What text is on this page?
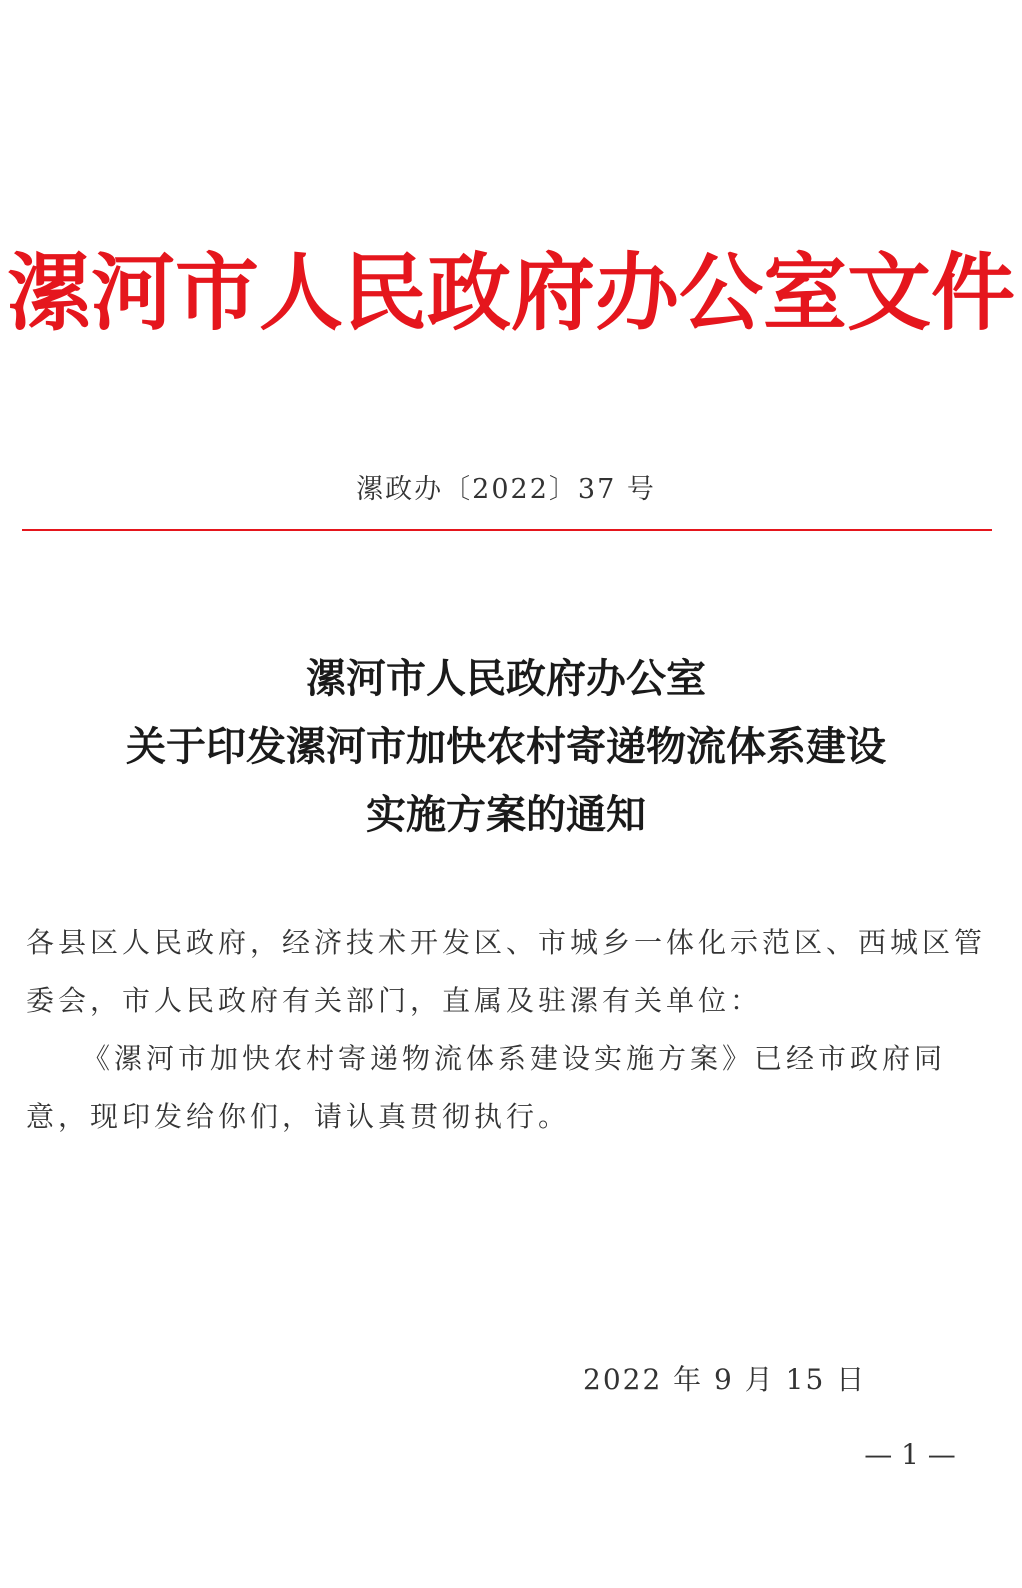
漯河市人民政府办公室文件
漯政办〔2022〕37 号
漯河市人民政府办公室
关于印发漯河市加快农村寄递物流体系建设
实施方案的通知

各县区人民政府，经济技术开发区、市城乡一体化示范区、西城区管委会，市人民政府有关部门，直属及驻漯有关单位：

《漯河市加快农村寄递物流体系建设实施方案》已经市政府同意，现印发给你们，请认真贯彻执行。

2022 年 9 月 15 日
— 1 —
